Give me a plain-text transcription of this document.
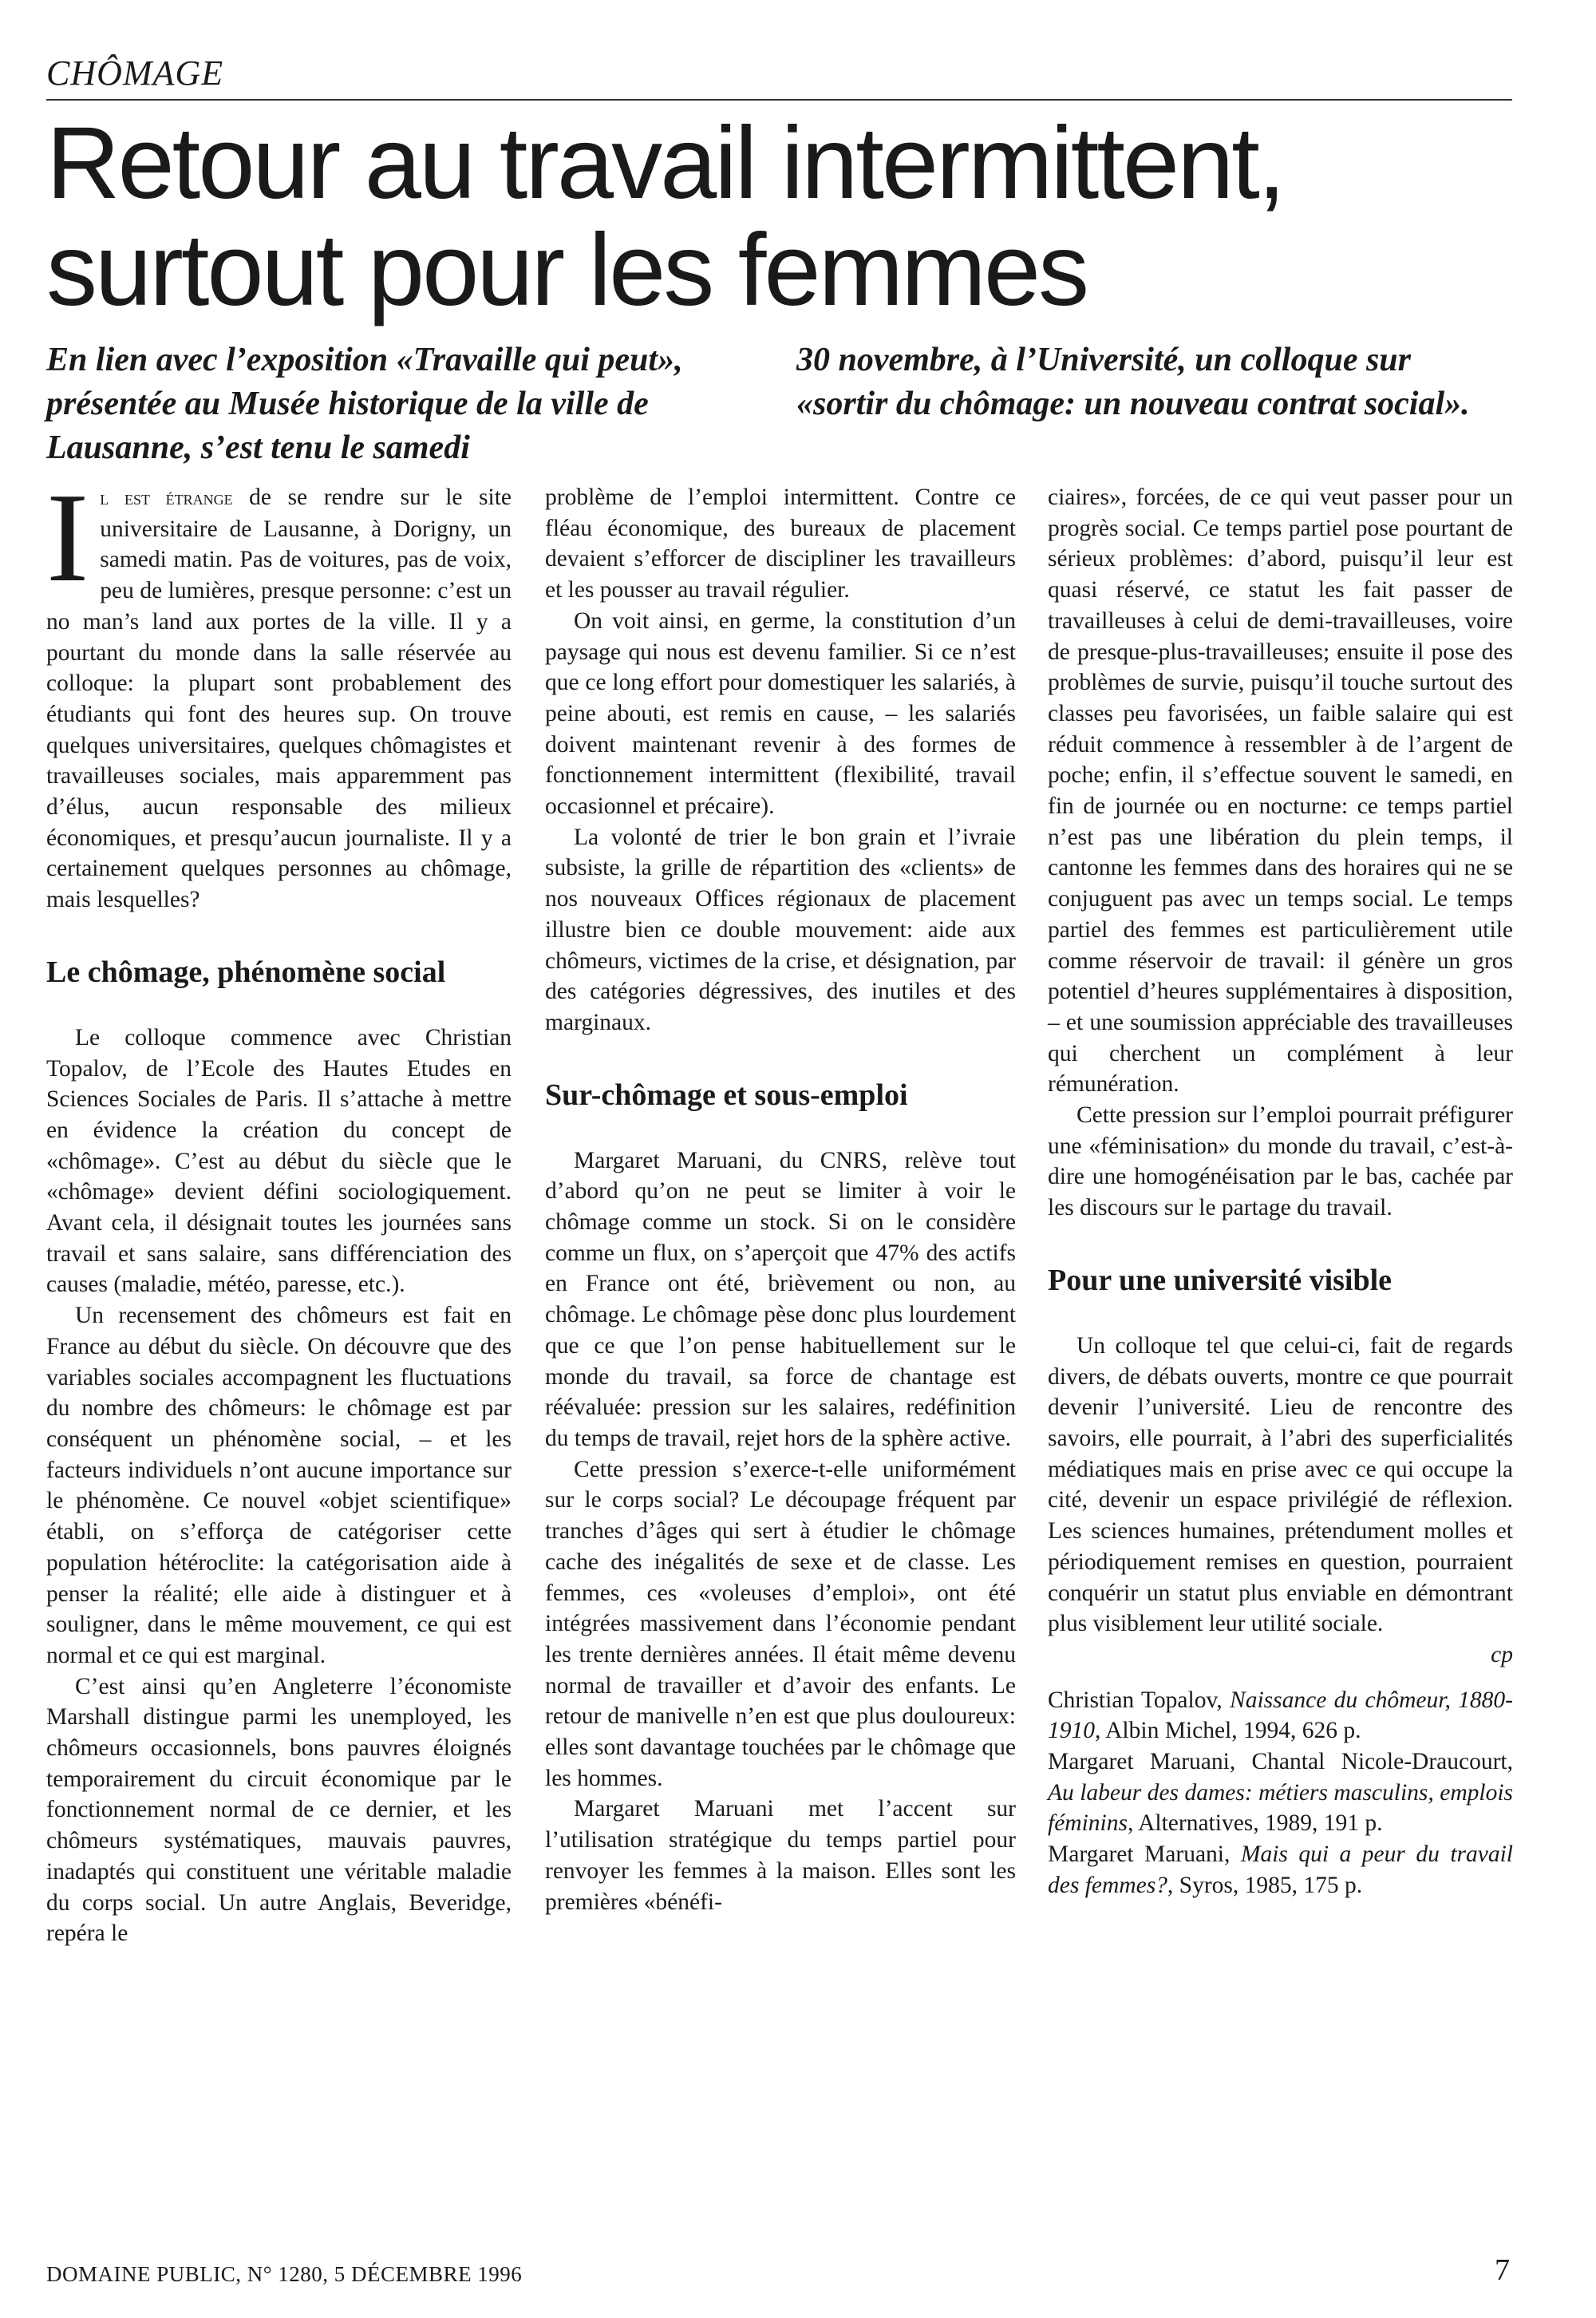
CHÔMAGE
Retour au travail intermittent,
surtout pour les femmes

En lien avec l’exposition «Travaille qui peut», présentée au Musée historique de la ville de Lausanne, s’est tenu le samedi

30 novembre, à l’Université, un colloque sur «sortir du chômage: un nouveau contrat social».

Il est étrange de se rendre sur le site universitaire de Lausanne, à Dorigny, un samedi matin. Pas de voitures, pas de voix, peu de lumières, presque personne: c’est un no man’s land aux portes de la ville. Il y a pourtant du monde dans la salle réservée au colloque: la plupart sont probablement des étudiants qui font des heures sup. On trouve quelques universitaires, quelques chômagistes et travailleuses sociales, mais apparemment pas d’élus, aucun responsable des milieux économiques, et presqu’aucun journaliste. Il y a certainement quelques personnes au chômage, mais lesquelles?

Le chômage, phénomène social

Le colloque commence avec Christian Topalov, de l’Ecole des Hautes Etudes en Sciences Sociales de Paris. Il s’attache à mettre en évidence la création du concept de «chômage». C’est au début du siècle que le «chômage» devient défini sociologiquement. Avant cela, il désignait toutes les journées sans travail et sans salaire, sans différenciation des causes (maladie, météo, paresse, etc.).

Un recensement des chômeurs est fait en France au début du siècle. On découvre que des variables sociales accompagnent les fluctuations du nombre des chômeurs: le chômage est par conséquent un phénomène social, – et les facteurs individuels n’ont aucune importance sur le phénomène. Ce nouvel «objet scientifique» établi, on s’efforça de catégoriser cette population hétéroclite: la catégorisation aide à penser la réalité; elle aide à distinguer et à souligner, dans le même mouvement, ce qui est normal et ce qui est marginal.

C’est ainsi qu’en Angleterre l’économiste Marshall distingue parmi les unemployed, les chômeurs occasionnels, bons pauvres éloignés temporairement du circuit économique par le fonctionnement normal de ce dernier, et les chômeurs systématiques, mauvais pauvres, inadaptés qui constituent une véritable maladie du corps social. Un autre Anglais, Beveridge, repéra le

problème de l’emploi intermittent. Contre ce fléau économique, des bureaux de placement devaient s’efforcer de discipliner les travailleurs et les pousser au travail régulier.

On voit ainsi, en germe, la constitution d’un paysage qui nous est devenu familier. Si ce n’est que ce long effort pour domestiquer les salariés, à peine abouti, est remis en cause, – les salariés doivent maintenant revenir à des formes de fonctionnement intermittent (flexibilité, travail occasionnel et précaire).

La volonté de trier le bon grain et l’ivraie subsiste, la grille de répartition des «clients» de nos nouveaux Offices régionaux de placement illustre bien ce double mouvement: aide aux chômeurs, victimes de la crise, et désignation, par des catégories dégressives, des inutiles et des marginaux.

Sur-chômage et sous-emploi

Margaret Maruani, du CNRS, relève tout d’abord qu’on ne peut se limiter à voir le chômage comme un stock. Si on le considère comme un flux, on s’aperçoit que 47% des actifs en France ont été, brièvement ou non, au chômage. Le chômage pèse donc plus lourdement que ce que l’on pense habituellement sur le monde du travail, sa force de chantage est réévaluée: pression sur les salaires, redéfinition du temps de travail, rejet hors de la sphère active.

Cette pression s’exerce-t-elle uniformément sur le corps social? Le découpage fréquent par tranches d’âges qui sert à étudier le chômage cache des inégalités de sexe et de classe. Les femmes, ces «voleuses d’emploi», ont été intégrées massivement dans l’économie pendant les trente dernières années. Il était même devenu normal de travailler et d’avoir des enfants. Le retour de manivelle n’en est que plus douloureux: elles sont davantage touchées par le chômage que les hommes.

Margaret Maruani met l’accent sur l’utilisation stratégique du temps partiel pour renvoyer les femmes à la maison. Elles sont les premières «bénéfi-

ciaires», forcées, de ce qui veut passer pour un progrès social. Ce temps partiel pose pourtant de sérieux problèmes: d’abord, puisqu’il leur est quasi réservé, ce statut les fait passer de travailleuses à celui de demi-travailleuses, voire de presque-plus-travailleuses; ensuite il pose des problèmes de survie, puisqu’il touche surtout des classes peu favorisées, un faible salaire qui est réduit commence à ressembler à de l’argent de poche; enfin, il s’effectue souvent le samedi, en fin de journée ou en nocturne: ce temps partiel n’est pas une libération du plein temps, il cantonne les femmes dans des horaires qui ne se conjuguent pas avec un temps social. Le temps partiel des femmes est particulièrement utile comme réservoir de travail: il génère un gros potentiel d’heures supplémentaires à disposition, – et une soumission appréciable des travailleuses qui cherchent un complément à leur rémunération.

Cette pression sur l’emploi pourrait préfigurer une «féminisation» du monde du travail, c’est-à-dire une homogénéisation par le bas, cachée par les discours sur le partage du travail.

Pour une université visible

Un colloque tel que celui-ci, fait de regards divers, de débats ouverts, montre ce que pourrait devenir l’université. Lieu de rencontre des savoirs, elle pourrait, à l’abri des superficialités médiatiques mais en prise avec ce qui occupe la cité, devenir un espace privilégié de réflexion. Les sciences humaines, prétendument molles et périodiquement remises en question, pourraient conquérir un statut plus enviable en démontrant plus visiblement leur utilité sociale.

cp

Christian Topalov, Naissance du chômeur, 1880-1910, Albin Michel, 1994, 626 p.

Margaret Maruani, Chantal Nicole-Draucourt, Au labeur des dames: métiers masculins, emplois féminins, Alternatives, 1989, 191 p.

Margaret Maruani, Mais qui a peur du travail des femmes?, Syros, 1985, 175 p.

DOMAINE PUBLIC, N° 1280, 5 DÉCEMBRE 1996	7
